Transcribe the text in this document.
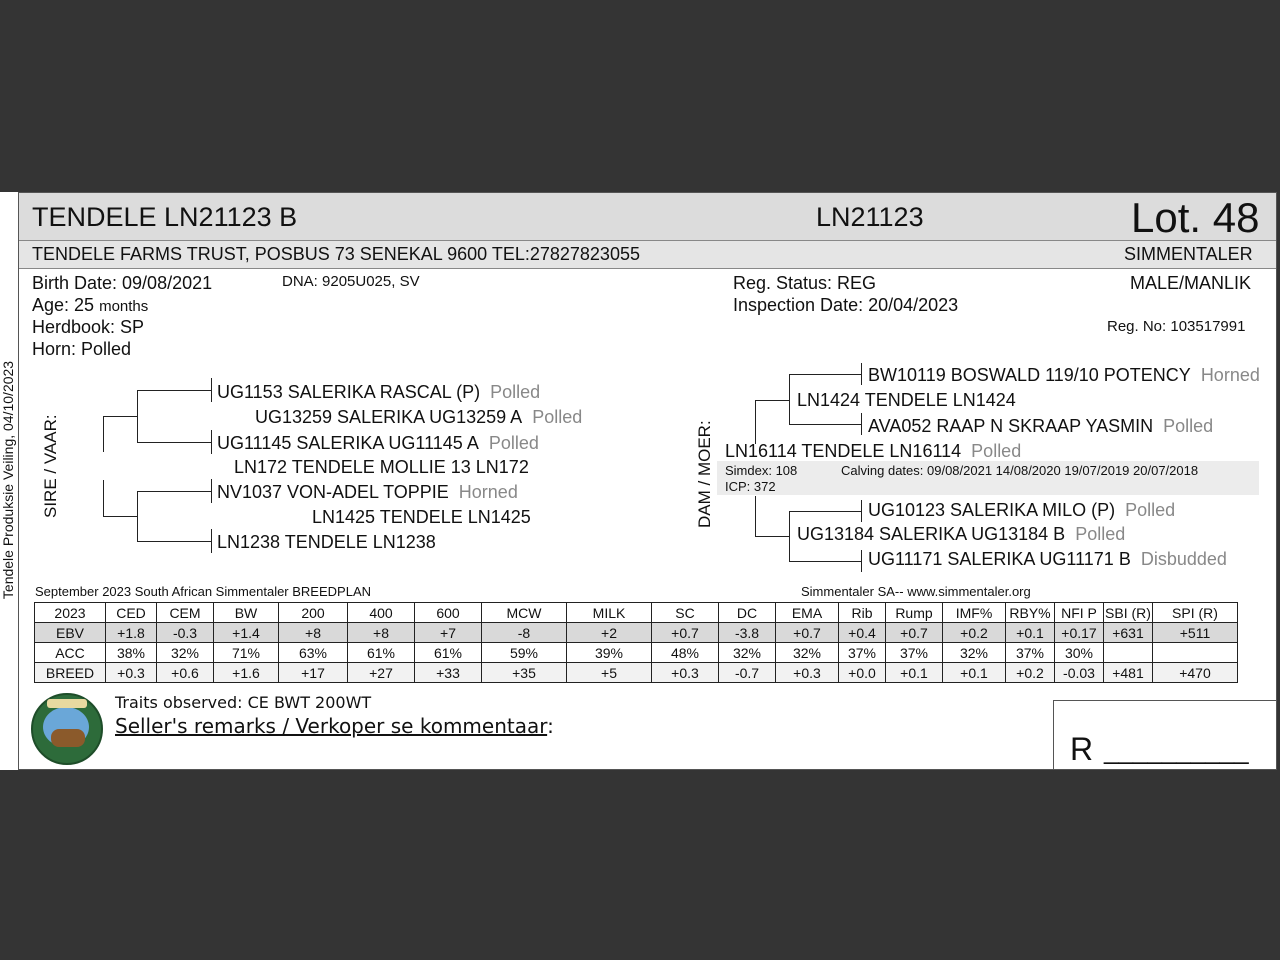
Tendele Produksie Veiling, 04/10/2023
TENDELE LN21123 B	LN21123	Lot. 48
TENDELE FARMS TRUST, POSBUS 73 SENEKAL 9600 TEL:27827823055	SIMMENTALER
Birth Date: 09/08/2021	DNA: 9205U025, SV
Age: 25 months
Herdbook: SP
Horn: Polled
Reg. Status: REG
Inspection Date: 20/04/2023
MALE/MANLIK
Reg. No: 103517991
SIRE / VAAR:
UG1153 SALERIKA RASCAL (P) Polled
UG13259 SALERIKA UG13259 A Polled
UG11145 SALERIKA UG11145 A Polled
LN172 TENDELE MOLLIE 13 LN172
NV1037 VON-ADEL TOPPIE Horned
LN1425 TENDELE LN1425
LN1238 TENDELE LN1238
DAM / MOER:
BW10119 BOSWALD 119/10 POTENCY Horned
LN1424 TENDELE LN1424
AVA052 RAAP N SKRAAP YASMIN Polled
LN16114 TENDELE LN16114 Polled
Simdex: 108	Calving dates: 09/08/2021 14/08/2020 19/07/2019 20/07/2018
ICP: 372
UG10123 SALERIKA MILO (P) Polled
UG13184 SALERIKA UG13184 B Polled
UG11171 SALERIKA UG11171 B Disbudded
September 2023 South African Simmentaler BREEDPLAN	Simmentaler SA-- www.simmentaler.org
2023	CED	CEM	BW	200	400	600	MCW	MILK	SC	DC	EMA	Rib	Rump	IMF%	RBY%	NFI P	SBI (R)	SPI (R)
EBV	+1.8	-0.3	+1.4	+8	+8	+7	-8	+2	+0.7	-3.8	+0.7	+0.4	+0.7	+0.2	+0.1	+0.17	+631	+511
ACC	38%	32%	71%	63%	61%	61%	59%	39%	48%	32%	32%	37%	37%	32%	37%	30%		
BREED	+0.3	+0.6	+1.6	+17	+27	+33	+35	+5	+0.3	-0.7	+0.3	+0.0	+0.1	+0.1	+0.2	-0.03	+481	+470
Traits observed: CE BWT 200WT
Seller's remarks / Verkoper se kommentaar:
R __________
